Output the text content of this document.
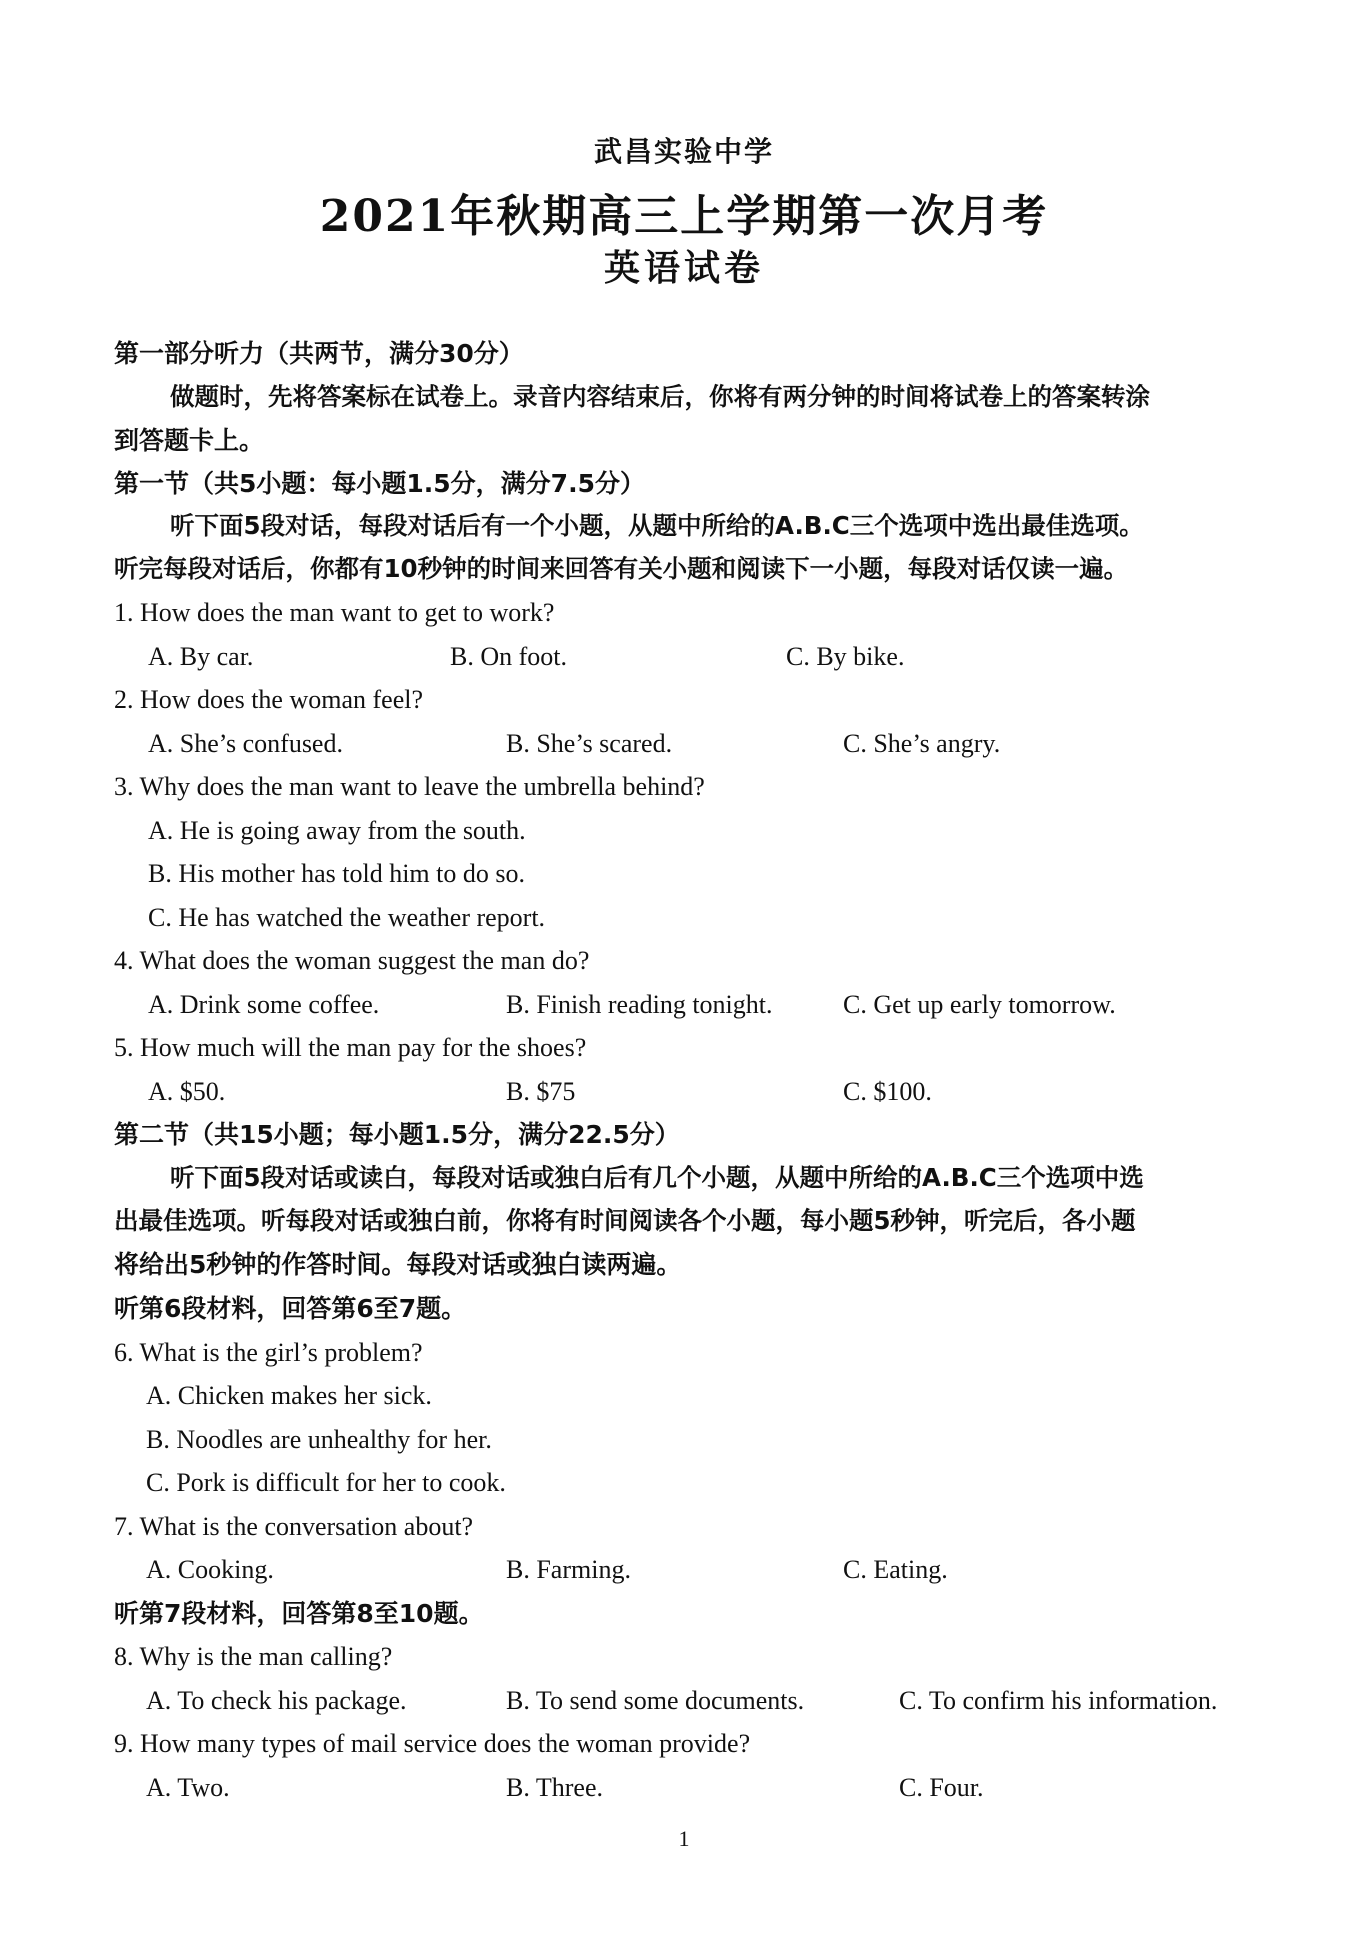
武昌实验中学
2021年秋期高三上学期第一次月考
英语试卷
第一部分听力（共两节，满分30分）
做题时，先将答案标在试卷上。录音内容结束后，你将有两分钟的时间将试卷上的答案转涂
到答题卡上。
第一节（共5小题：每小题1.5分，满分7.5分）
听下面5段对话，每段对话后有一个小题，从题中所给的A.B.C三个选项中选出最佳选项。
听完每段对话后，你都有10秒钟的时间来回答有关小题和阅读下一小题，每段对话仅读一遍。
1. How does the man want to get to work?
A. By car.	B. On foot.	C. By bike.
2. How does the woman feel?
A. She’s confused.	B. She’s scared.	C. She’s angry.
3. Why does the man want to leave the umbrella behind?
A. He is going away from the south.
B. His mother has told him to do so.
C. He has watched the weather report.
4. What does the woman suggest the man do?
A. Drink some coffee.	B. Finish reading tonight.	C. Get up early tomorrow.
5. How much will the man pay for the shoes?
A. $50.	B. $75	C. $100.
第二节（共15小题；每小题1.5分，满分22.5分）
听下面5段对话或读白，每段对话或独白后有几个小题，从题中所给的A.B.C三个选项中选
出最佳选项。听每段对话或独白前，你将有时间阅读各个小题，每小题5秒钟，听完后，各小题
将给出5秒钟的作答时间。每段对话或独白读两遍。
听第6段材料，回答第6至7题。
6. What is the girl’s problem?
A. Chicken makes her sick.
B. Noodles are unhealthy for her.
C. Pork is difficult for her to cook.
7. What is the conversation about?
A. Cooking.	B. Farming.	C. Eating.
听第7段材料，回答第8至10题。
8. Why is the man calling?
A. To check his package.	B. To send some documents.	C. To confirm his information.
9. How many types of mail service does the woman provide?
A. Two.	B. Three.	C. Four.
1
